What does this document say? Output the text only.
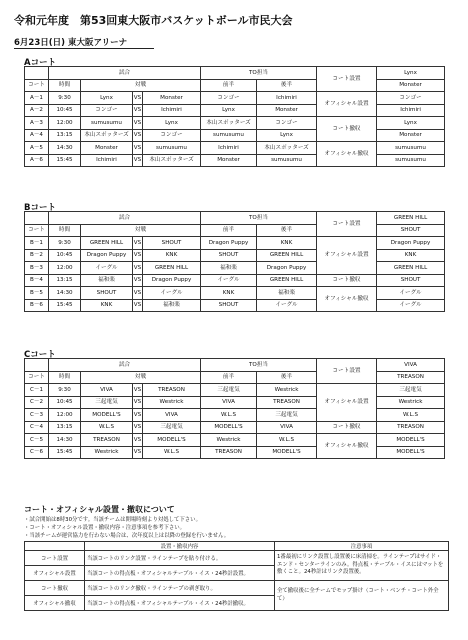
令和元年度　第53回東大阪市バスケットボール市民大会
6月23日(日) 東大阪アリーナ
Aコート
	試合				TO担当		コート設置	Lynx
コート	時間	対戦			前半	後半		Monster
A－1	9:30	Lynx	VS	Monster	コンゴー	Ichimiri	オフィシャル設置	コンゴー
A－2	10:45	コンゴー	VS	Ichimiri	Lynx	Monster		Ichimiri
A－3	12:00	sumusumu	VS	Lynx	本山スポッターズ	コンゴー	コート撤収	Lynx
A－4	13:15	本山スポッターズ	VS	コンゴー	sumusumu	Lynx		Monster
A－5	14:30	Monster	VS	sumusumu	Ichimiri	本山スポッターズ	オフィシャル撤収	sumusumu
A－6	15:45	Ichimiri	VS	本山スポッターズ	Monster	sumusumu		sumusumu
Bコート
	試合				TO担当		コート設置	GREEN HILL
コート	時間	対戦			前半	後半		SHOUT
B－1	9:30	GREEN HILL	VS	SHOUT	Dragon Puppy	KNK	オフィシャル設置	Dragon Puppy
B－2	10:45	Dragon Puppy	VS	KNK	SHOUT	GREEN HILL		KNK
B－3	12:00	イーグル	VS	GREEN HILL	福和楽	Dragon Puppy		GREEN HILL
B－4	13:15	福和楽	VS	Dragon Puppy	イーグル	GREEN HILL	コート撤収	SHOUT
B－5	14:30	SHOUT	VS	イーグル	KNK	福和楽	オフィシャル撤収	イーグル
B－6	15:45	KNK	VS	福和楽	SHOUT	イーグル		イーグル
Cコート
	試合				TO担当		コート設置	VIVA
コート	時間	対戦			前半	後半		TREASON
C－1	9:30	VIVA	VS	TREASON	三起電気	Westrick	オフィシャル設置	三起電気
C－2	10:45	三起電気	VS	Westrick	VIVA	TREASON		Westrick
C－3	12:00	MODELL'S	VS	VIVA	W.L.S	三起電気		W.L.S
C－4	13:15	W.L.S	VS	三起電気	MODELL'S	VIVA	コート撤収	TREASON
C－5	14:30	TREASON	VS	MODELL'S	Westrick	W.L.S	オフィシャル撤収	MODELL'S
C－6	15:45	Westrick	VS	W.L.S	TREASON	MODELL'S		MODELL'S
コート・オフィシャル設置・撤収について
・試合開始は8時30分です。当該チームは開場時刻より対処して下さい。
・コート・オフィシャル設置・撤収内容・注意事項を参考下さい。
・当該チームが運営協力を行わない場合は、次年度以上は以降の登録を行いません。
	設置・撤収内容	注意事項
コート設置	当該コートのリンク設置・ラインテープを貼り付ける。	1番最初にリンク設置し設置後に床清掃を。ラインテープはサイド・エンド・センターラインのみ。得点板・テーブル・イスにはマットを敷くこと。24秒計はリンク設置後。
オフィシャル設置	当該コートの得点板・オフィシャルテーブル・イス・24秒計設置。	
コート撤収	当該コートのリンク撤収・ラインテープの剥ぎ取り。	全て撤収後に全チームでモップ掛け（コート・ベンチ・コート外全て）
オフィシャル撤収	当該コートの得点板・オフィシャルテーブル・イス・24秒計撤収。	
